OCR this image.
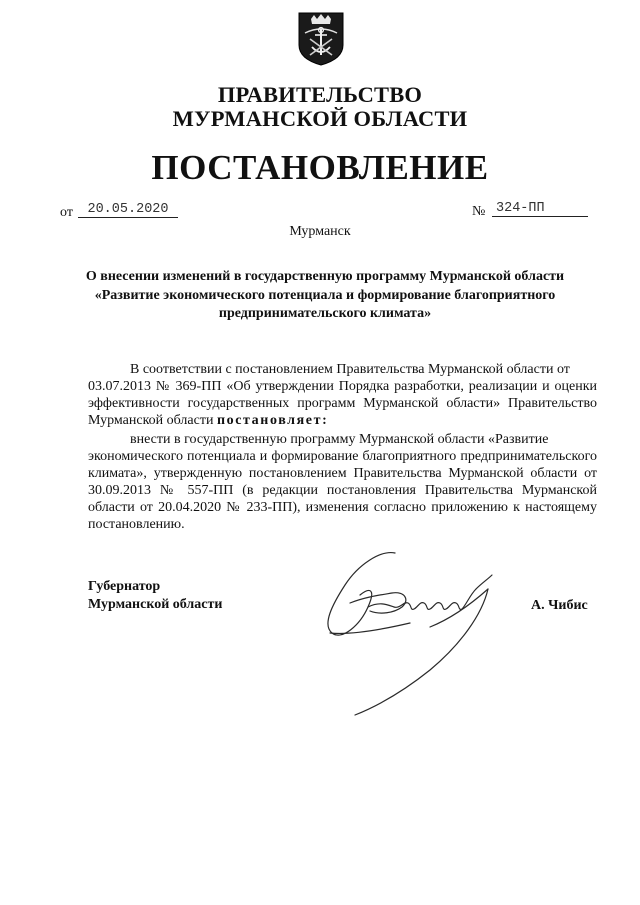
ПРАВИТЕЛЬСТВО
МУРМАНСКОЙ ОБЛАСТИ
ПОСТАНОВЛЕНИЕ
от	20.05.2020	№ 324-ПП
Мурманск
О внесении изменений в государственную программу Мурманской области
«Развитие экономического потенциала и формирование благоприятного
предпринимательского климата»
В соответствии с постановлением Правительства Мурманской области от
03.07.2013 № 369-ПП «Об утверждении Порядка разработки, реализации и оценки эффективности государственных программ Мурманской области» Правительство Мурманской области постановляет:
внести в государственную программу Мурманской области «Развитие
экономического потенциала и формирование благоприятного предпринимательского климата», утвержденную постановлением Правительства Мурманской области от 30.09.2013 № 557-ПП (в редакции постановления Правительства Мурманской области от 20.04.2020 № 233-ПП), изменения согласно приложению к настоящему постановлению.
Губернатор
Мурманской области	А. Чибис
